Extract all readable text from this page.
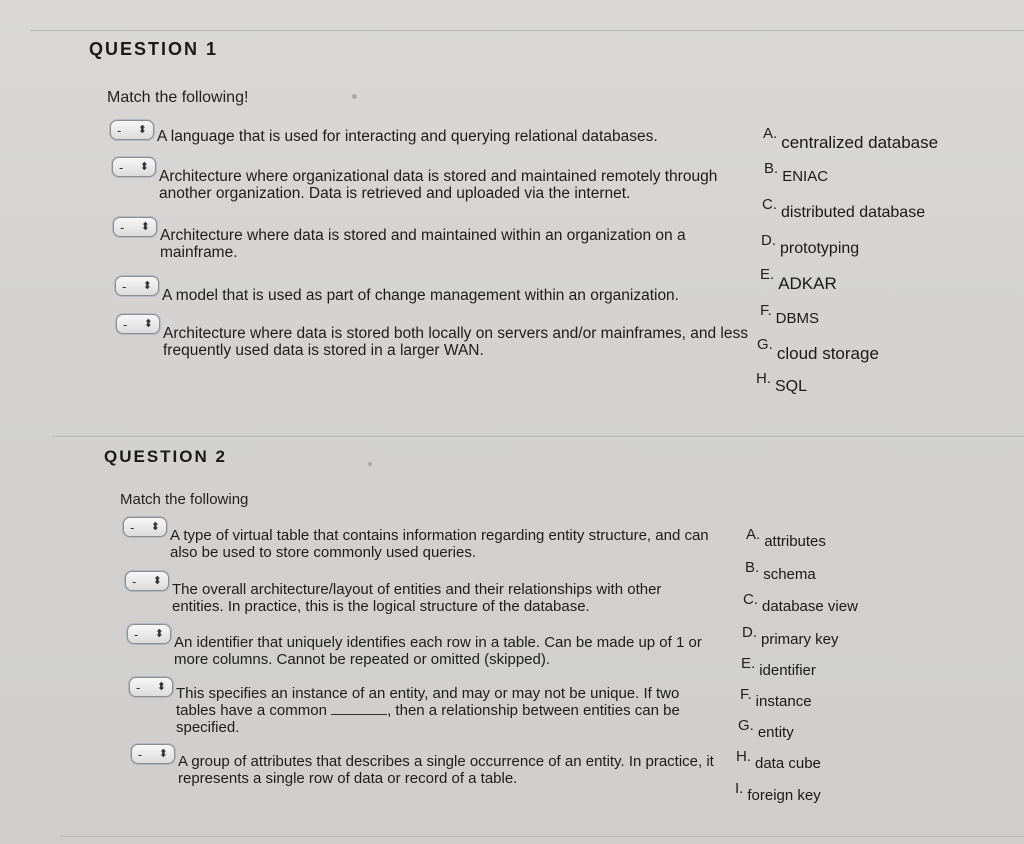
QUESTION 1
Match the following!
- ⬍ A language that is used for interacting and querying relational databases.
- ⬍
Architecture where organizational data is stored and maintained remotely through another organization. Data is retrieved and uploaded via the internet.
- ⬍
Architecture where data is stored and maintained within an organization on a mainframe.
- ⬍
A model that is used as part of change management within an organization.
- ⬍
Architecture where data is stored both locally on servers and/or mainframes, and less frequently used data is stored in a larger WAN.
A. centralized database
B. ENIAC
C. distributed database
D. prototyping
E. ADKAR
F. DBMS
G. cloud storage
H. SQL
QUESTION 2
Match the following
- ⬍
A type of virtual table that contains information regarding entity structure, and can also be used to store commonly used queries.
- ⬍
The overall architecture/layout of entities and their relationships with other entities. In practice, this is the logical structure of the database.
- ⬍
An identifier that uniquely identifies each row in a table. Can be made up of 1 or more columns. Cannot be repeated or omitted (skipped).
- ⬍ This specifies an instance of an entity, and may or may not be unique. If two tables have a common	, then a relationship between entities can be specified.
- ⬍ A group of attributes that describes a single occurrence of an entity. In practice, it represents a single row of data or record of a table.
A. attributes
B. schema
C. database view
D. primary key
E. identifier
F. instance
G. entity
H. data cube
I. foreign key
